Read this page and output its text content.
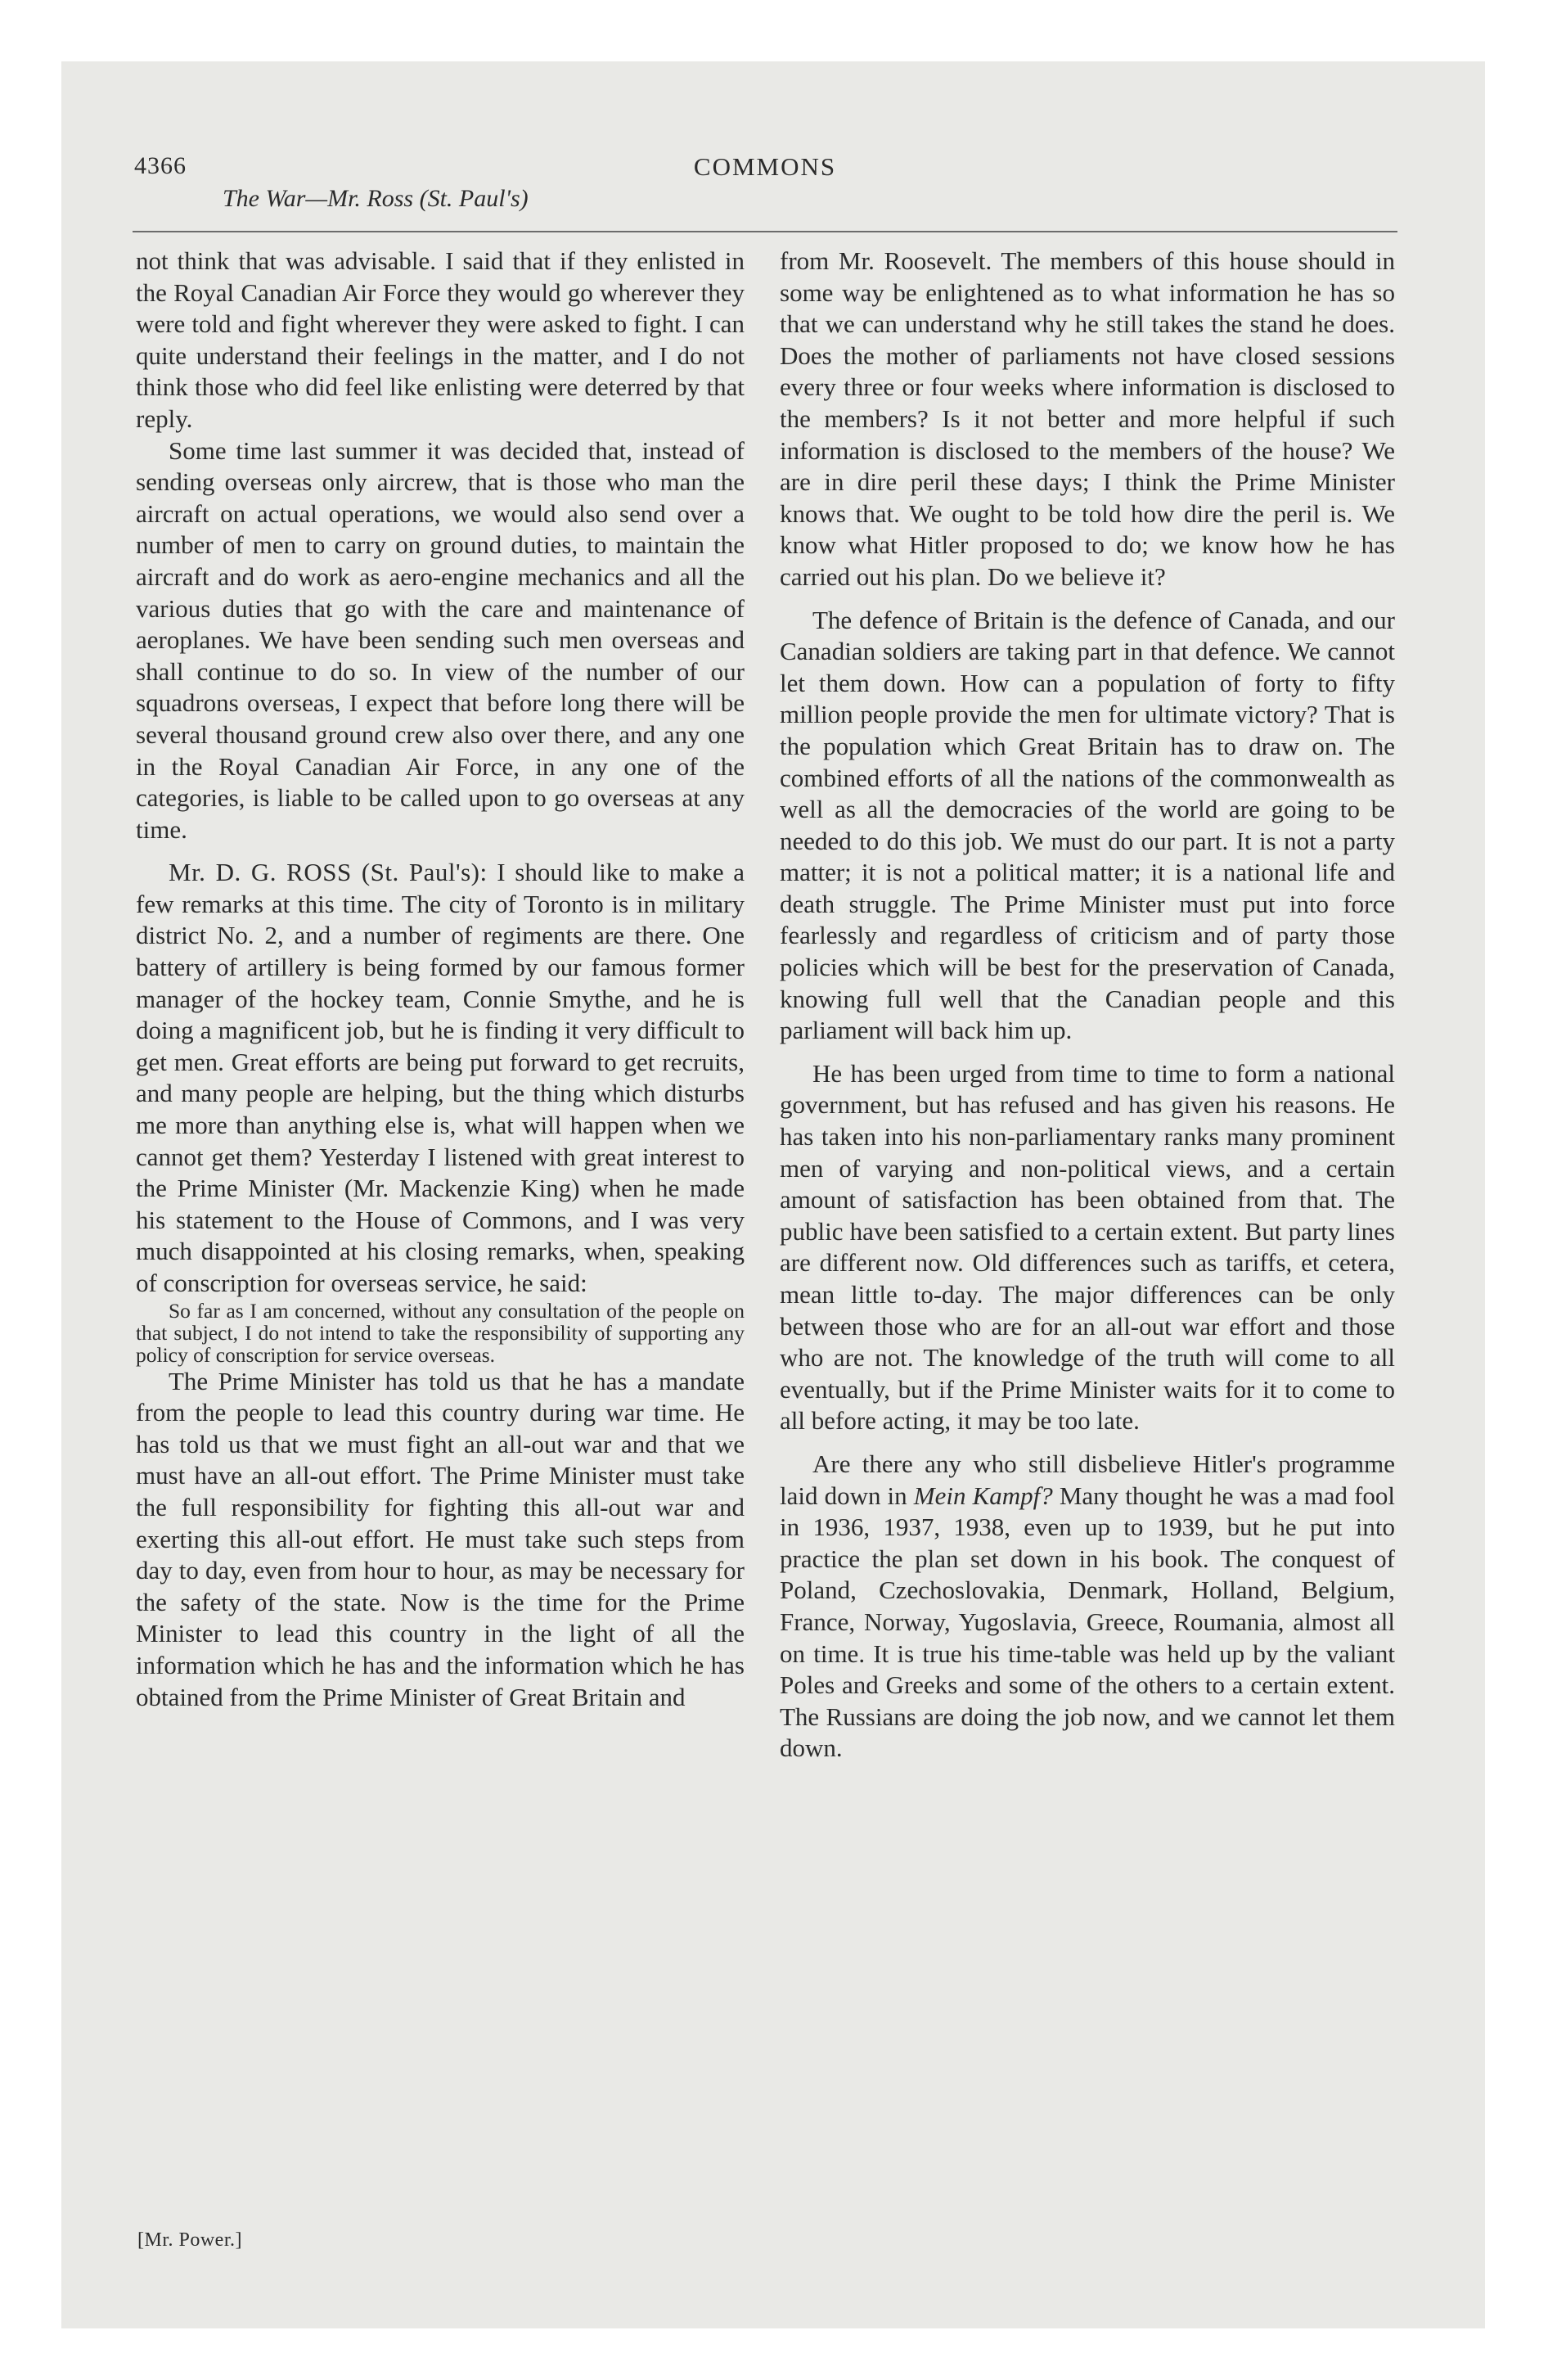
4366	COMMONS
The War—Mr. Ross (St. Paul's)

not think that was advisable. I said that if they enlisted in the Royal Canadian Air Force they would go wherever they were told and fight wherever they were asked to fight. I can quite understand their feelings in the matter, and I do not think those who did feel like enlisting were deterred by that reply.

Some time last summer it was decided that, instead of sending overseas only aircrew, that is those who man the aircraft on actual operations, we would also send over a number of men to carry on ground duties, to maintain the aircraft and do work as aero-engine mechanics and all the various duties that go with the care and maintenance of aeroplanes. We have been sending such men overseas and shall continue to do so. In view of the number of our squadrons overseas, I expect that before long there will be several thousand ground crew also over there, and any one in the Royal Canadian Air Force, in any one of the categories, is liable to be called upon to go overseas at any time.

Mr. D. G. ROSS (St. Paul's): I should like to make a few remarks at this time. The city of Toronto is in military district No. 2, and a number of regiments are there. One battery of artillery is being formed by our famous former manager of the hockey team, Connie Smythe, and he is doing a magnificent job, but he is finding it very difficult to get men. Great efforts are being put forward to get recruits, and many people are helping, but the thing which disturbs me more than anything else is, what will happen when we cannot get them? Yesterday I listened with great interest to the Prime Minister (Mr. Mackenzie King) when he made his statement to the House of Commons, and I was very much disappointed at his closing remarks, when, speaking of conscription for overseas service, he said:

So far as I am concerned, without any consultation of the people on that subject, I do not intend to take the responsibility of supporting any policy of conscription for service overseas.

The Prime Minister has told us that he has a mandate from the people to lead this country during war time. He has told us that we must fight an all-out war and that we must have an all-out effort. The Prime Minister must take the full responsibility for fighting this all-out war and exerting this all-out effort. He must take such steps from day to day, even from hour to hour, as may be necessary for the safety of the state. Now is the time for the Prime Minister to lead this country in the light of all the information which he has and the information which he has obtained from the Prime Minister of Great Britain and

from Mr. Roosevelt. The members of this house should in some way be enlightened as to what information he has so that we can understand why he still takes the stand he does. Does the mother of parliaments not have closed sessions every three or four weeks where information is disclosed to the members? Is it not better and more helpful if such information is disclosed to the members of the house? We are in dire peril these days; I think the Prime Minister knows that. We ought to be told how dire the peril is. We know what Hitler proposed to do; we know how he has carried out his plan. Do we believe it?

The defence of Britain is the defence of Canada, and our Canadian soldiers are taking part in that defence. We cannot let them down. How can a population of forty to fifty million people provide the men for ultimate victory? That is the population which Great Britain has to draw on. The combined efforts of all the nations of the commonwealth as well as all the democracies of the world are going to be needed to do this job. We must do our part. It is not a party matter; it is not a political matter; it is a national life and death struggle. The Prime Minister must put into force fearlessly and regardless of criticism and of party those policies which will be best for the preservation of Canada, knowing full well that the Canadian people and this parliament will back him up.

He has been urged from time to time to form a national government, but has refused and has given his reasons. He has taken into his non-parliamentary ranks many prominent men of varying and non-political views, and a certain amount of satisfaction has been obtained from that. The public have been satisfied to a certain extent. But party lines are different now. Old differences such as tariffs, et cetera, mean little to-day. The major differences can be only between those who are for an all-out war effort and those who are not. The knowledge of the truth will come to all eventually, but if the Prime Minister waits for it to come to all before acting, it may be too late.

Are there any who still disbelieve Hitler's programme laid down in Mein Kampf? Many thought he was a mad fool in 1936, 1937, 1938, even up to 1939, but he put into practice the plan set down in his book. The conquest of Poland, Czechoslovakia, Denmark, Holland, Belgium, France, Norway, Yugoslavia, Greece, Roumania, almost all on time. It is true his time-table was held up by the valiant Poles and Greeks and some of the others to a certain extent. The Russians are doing the job now, and we cannot let them down.

[Mr. Power.]
